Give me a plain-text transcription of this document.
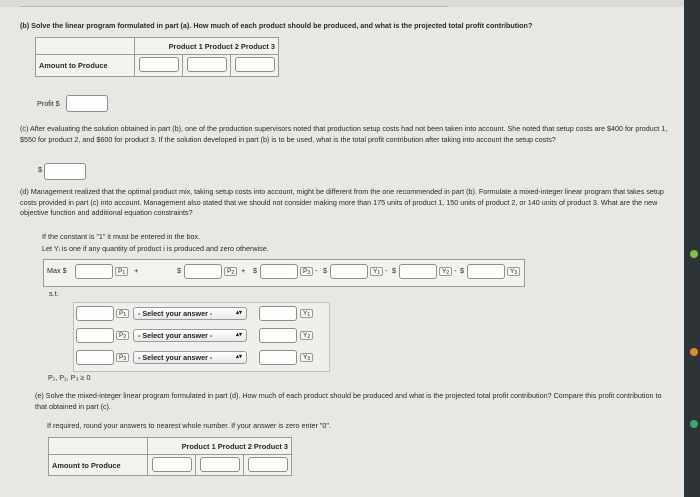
(b) Solve the linear program formulated in part (a). How much of each product should be produced, and what is the projected total profit contribution?
	Product 1 Product 2 Product 3		
Amount to Produce			
Profit $
(c) After evaluating the solution obtained in part (b), one of the production supervisors noted that production setup costs had not been taken into account. She noted that setup costs are $400 for product 1, $550 for product 2, and $600 for product 3. If the solution developed in part (b) is to be used, what is the total profit contribution after taking into account the setup costs?
$
(d) Management realized that the optimal product mix, taking setup costs into account, might be different from the one recommended in part (b). Formulate a mixed-integer linear program that takes setup costs provided in part (c) into account. Management also stated that we should not consider making more than 175 units of product 1, 150 units of product 2, or 140 units of product 3. What are the new objective function and additional equation constraints?
If the constant is "1" it must be entered in the box.
Let Yᵢ is one if any quantity of product i is produced and zero otherwise.
Max $	$P_1$   +	$	$P_2$  + $	$P_3$ - $	$Y_1$ - $	$Y_2$ - $	$Y_3$
s.t.
$P_1$	- Select your answer -	▴▾	$Y_1$
$P_2$	- Select your answer -	▴▾	$Y_2$
$P_3$	- Select your answer -	▴▾	$Y_3$
P₁, P₂, P₃ ≥ 0
(e) Solve the mixed-integer linear program formulated in part (d). How much of each product should be produced and what is the projected total profit contribution? Compare this profit contribution to that obtained in part (c).
If required, round your answers to nearest whole number. If your answer is zero enter "0".
	Product 1 Product 2 Product 3		
Amount to Produce			
